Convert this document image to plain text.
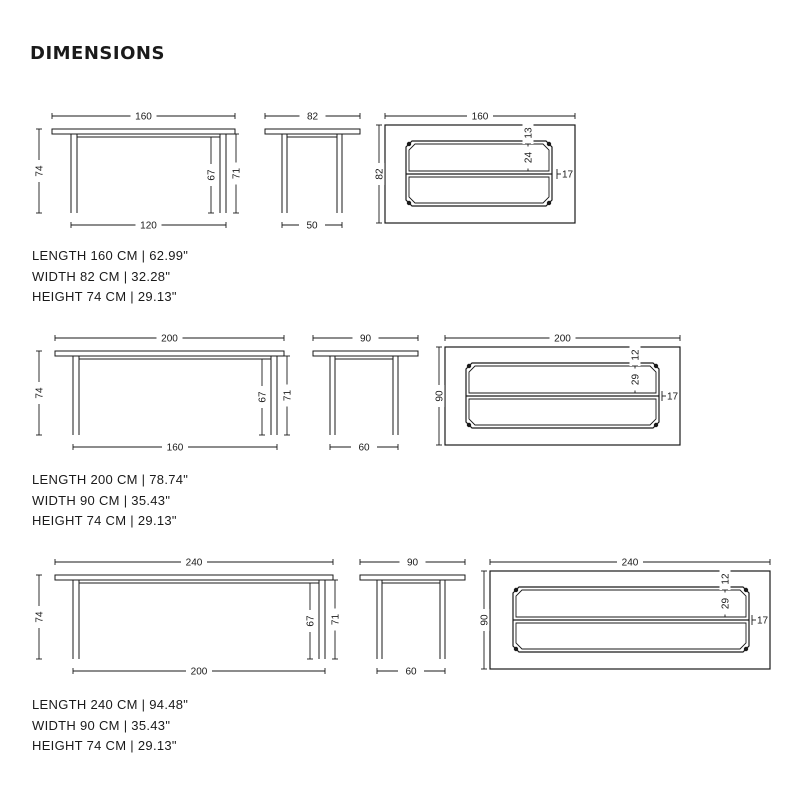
DIMENSIONS
160
120
74	67 71
82
50
160
82
13
24
17
200
160
74	67 71
90
60
200
90
12
29
17
240
200
74	67 71
90
60
240
90
12
29
17
LENGTH 160 CM | 62.99"
WIDTH 82 CM | 32.28"
HEIGHT 74 CM | 29.13"
LENGTH 200 CM | 78.74"
WIDTH 90 CM | 35.43"
HEIGHT 74 CM | 29.13"
LENGTH 240 CM | 94.48"
WIDTH 90 CM | 35.43"
HEIGHT 74 CM | 29.13"
